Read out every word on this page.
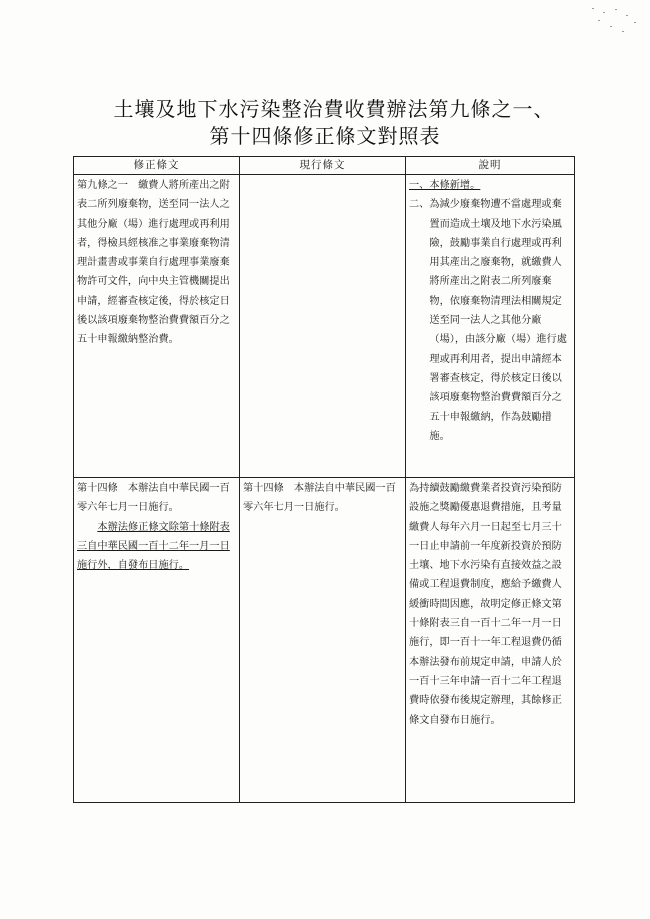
土壤及地下水污染整治費收費辦法第九條之一、
第十四條修正條文對照表
修正條文	現行條文	說明

第九條之一　繳費人將所產出之附表二所列廢棄物，送至同一法人之其他分廠（場）進行處理或再利用者，得檢具經核准之事業廢棄物清理計畫書或事業自行處理事業廢棄物許可文件，向中央主管機關提出申請，經審查核定後，得於核定日後以該項廢棄物整治費費額百分之五十申報繳納整治費。		一、本條新增。

二、為減少廢棄物遭不當處理或棄置而造成土壤及地下水污染風險，鼓勵事業自行處理或再利用其產出之廢棄物，就繳費人將所產出之附表二所列廢棄物，依廢棄物清理法相關規定送至同一法人之其他分廠（場），由該分廠（場）進行處理或再利用者，提出申請經本署審查核定，得於核定日後以該項廢棄物整治費費額百分之五十申報繳納，作為鼓勵措施。

第十四條　本辦法自中華民國一百零六年七月一日施行。

本辦法修正條文除第十條附表三自中華民國一百十二年一月一日施行外，自發布日施行。	第十四條　本辦法自中華民國一百零六年七月一日施行。	為持續鼓勵繳費業者投資污染預防設施之獎勵優惠退費措施，且考量繳費人每年六月一日起至七月三十一日止申請前一年度新投資於預防土壤、地下水污染有直接效益之設備或工程退費制度，應給予繳費人緩衝時間因應，故明定修正條文第十條附表三自一百十二年一月一日施行，即一百十一年工程退費仍循本辦法發布前規定申請，申請人於一百十三年申請一百十二年工程退費時依發布後規定辦理，其餘修正條文自發布日施行。
